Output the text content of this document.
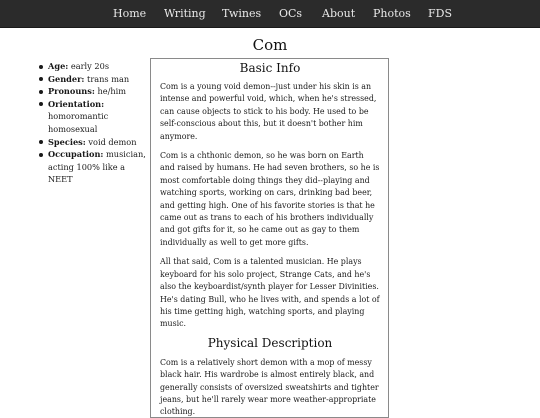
Home Writing Twines OCs About Photos FDS
Com
Age: early 20s
Gender: trans man
Pronouns: he/him
Orientation: homoromantic homosexual
Species: void demon
Occupation: musician, acting 100% like a NEET
Basic Info

Com is a young void demon--just under his skin is an intense and powerful void, which, when he's stressed, can cause objects to stick to his body. He used to be self-conscious about this, but it doesn't bother him anymore.

Com is a chthonic demon, so he was born on Earth and raised by humans. He had seven brothers, so he is most comfortable doing things they did--playing and watching sports, working on cars, drinking bad beer, and getting high. One of his favorite stories is that he came out as trans to each of his brothers individually and got gifts for it, so he came out as gay to them individually as well to get more gifts.

All that said, Com is a talented musician. He plays keyboard for his solo project, Strange Cats, and he's also the keyboardist/synth player for Lesser Divinities. He's dating Bull, who he lives with, and spends a lot of his time getting high, watching sports, and playing music.

Physical Description

Com is a relatively short demon with a mop of messy black hair. His wardrobe is almost entirely black, and generally consists of oversized sweatshirts and tighter jeans, but he'll rarely wear more weather-appropriate clothing.
